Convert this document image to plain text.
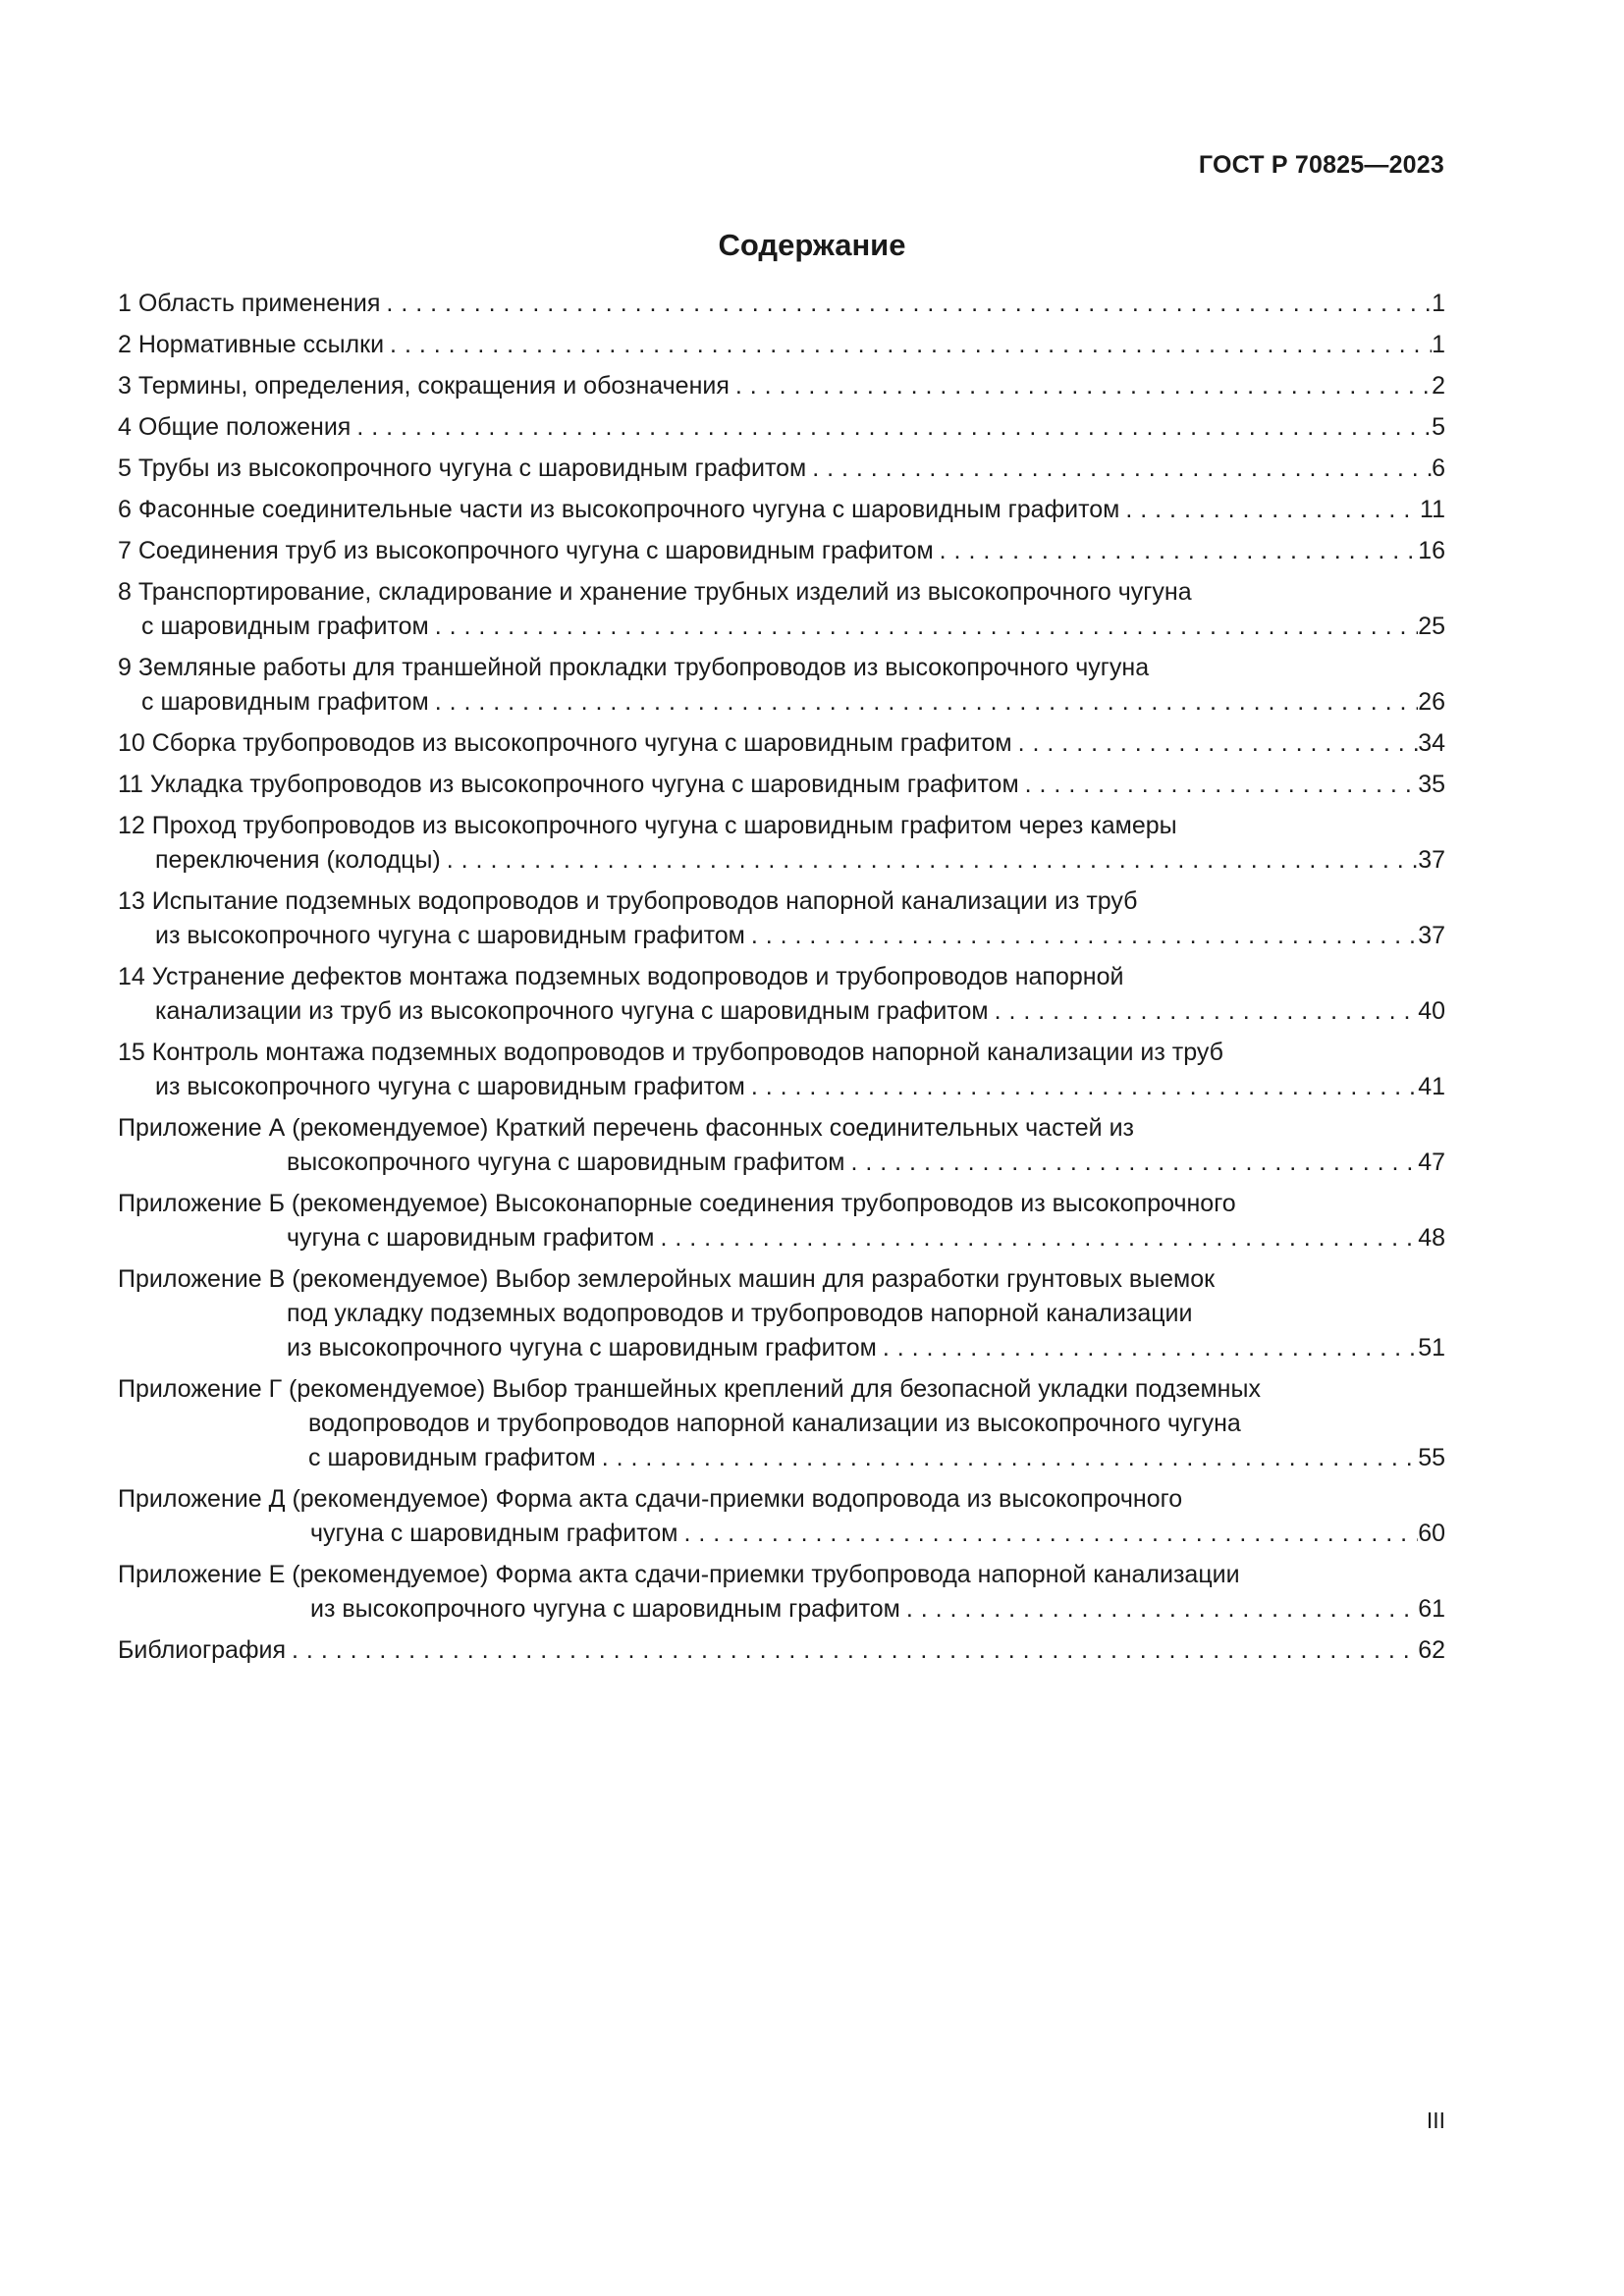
ГОСТ Р 70825—2023
Содержание
1 Область применения . . .	1
2 Нормативные ссылки . . .	1
3 Термины, определения, сокращения и обозначения . . .	2
4 Общие положения . . .	5
5 Трубы из высокопрочного чугуна с шаровидным графитом . . .	6
6 Фасонные соединительные части из высокопрочного чугуна с шаровидным графитом . . .	11
7 Соединения труб из высокопрочного чугуна с шаровидным графитом . . .	16
8 Транспортирование, складирование и хранение трубных изделий из высокопрочного чугуна
с шаровидным графитом . . .	25
9 Земляные работы для траншейной прокладки трубопроводов из высокопрочного чугуна
с шаровидным графитом . . .	26
10 Сборка трубопроводов из высокопрочного чугуна с шаровидным графитом . . .	34
11 Укладка трубопроводов из высокопрочного чугуна с шаровидным графитом . . .	35
12 Проход трубопроводов из высокопрочного чугуна с шаровидным графитом через камеры
переключения (колодцы) . . .	37
13 Испытание подземных водопроводов и трубопроводов напорной канализации из труб
из высокопрочного чугуна с шаровидным графитом . . .	37
14 Устранение дефектов монтажа подземных водопроводов и трубопроводов напорной
канализации из труб из высокопрочного чугуна с шаровидным графитом . . .	40
15 Контроль монтажа подземных водопроводов и трубопроводов напорной канализации из труб
из высокопрочного чугуна с шаровидным графитом . . .	41
Приложение А (рекомендуемое) Краткий перечень фасонных соединительных частей из
высокопрочного чугуна с шаровидным графитом . . .	47
Приложение Б (рекомендуемое) Высоконапорные соединения трубопроводов из высокопрочного
чугуна с шаровидным графитом . . .	48
Приложение В (рекомендуемое) Выбор землеройных машин для разработки грунтовых выемок
под укладку подземных водопроводов и трубопроводов напорной канализации
из высокопрочного чугуна с шаровидным графитом . . .	51
Приложение Г (рекомендуемое) Выбор траншейных креплений для безопасной укладки подземных
водопроводов и трубопроводов напорной канализации из высокопрочного чугуна
с шаровидным графитом . . .	55
Приложение Д (рекомендуемое) Форма акта сдачи-приемки водопровода из высокопрочного
чугуна с шаровидным графитом . . .	60
Приложение Е (рекомендуемое) Форма акта сдачи-приемки трубопровода напорной канализации
из высокопрочного чугуна с шаровидным графитом . . .	61
Библиография . . .	62
III
